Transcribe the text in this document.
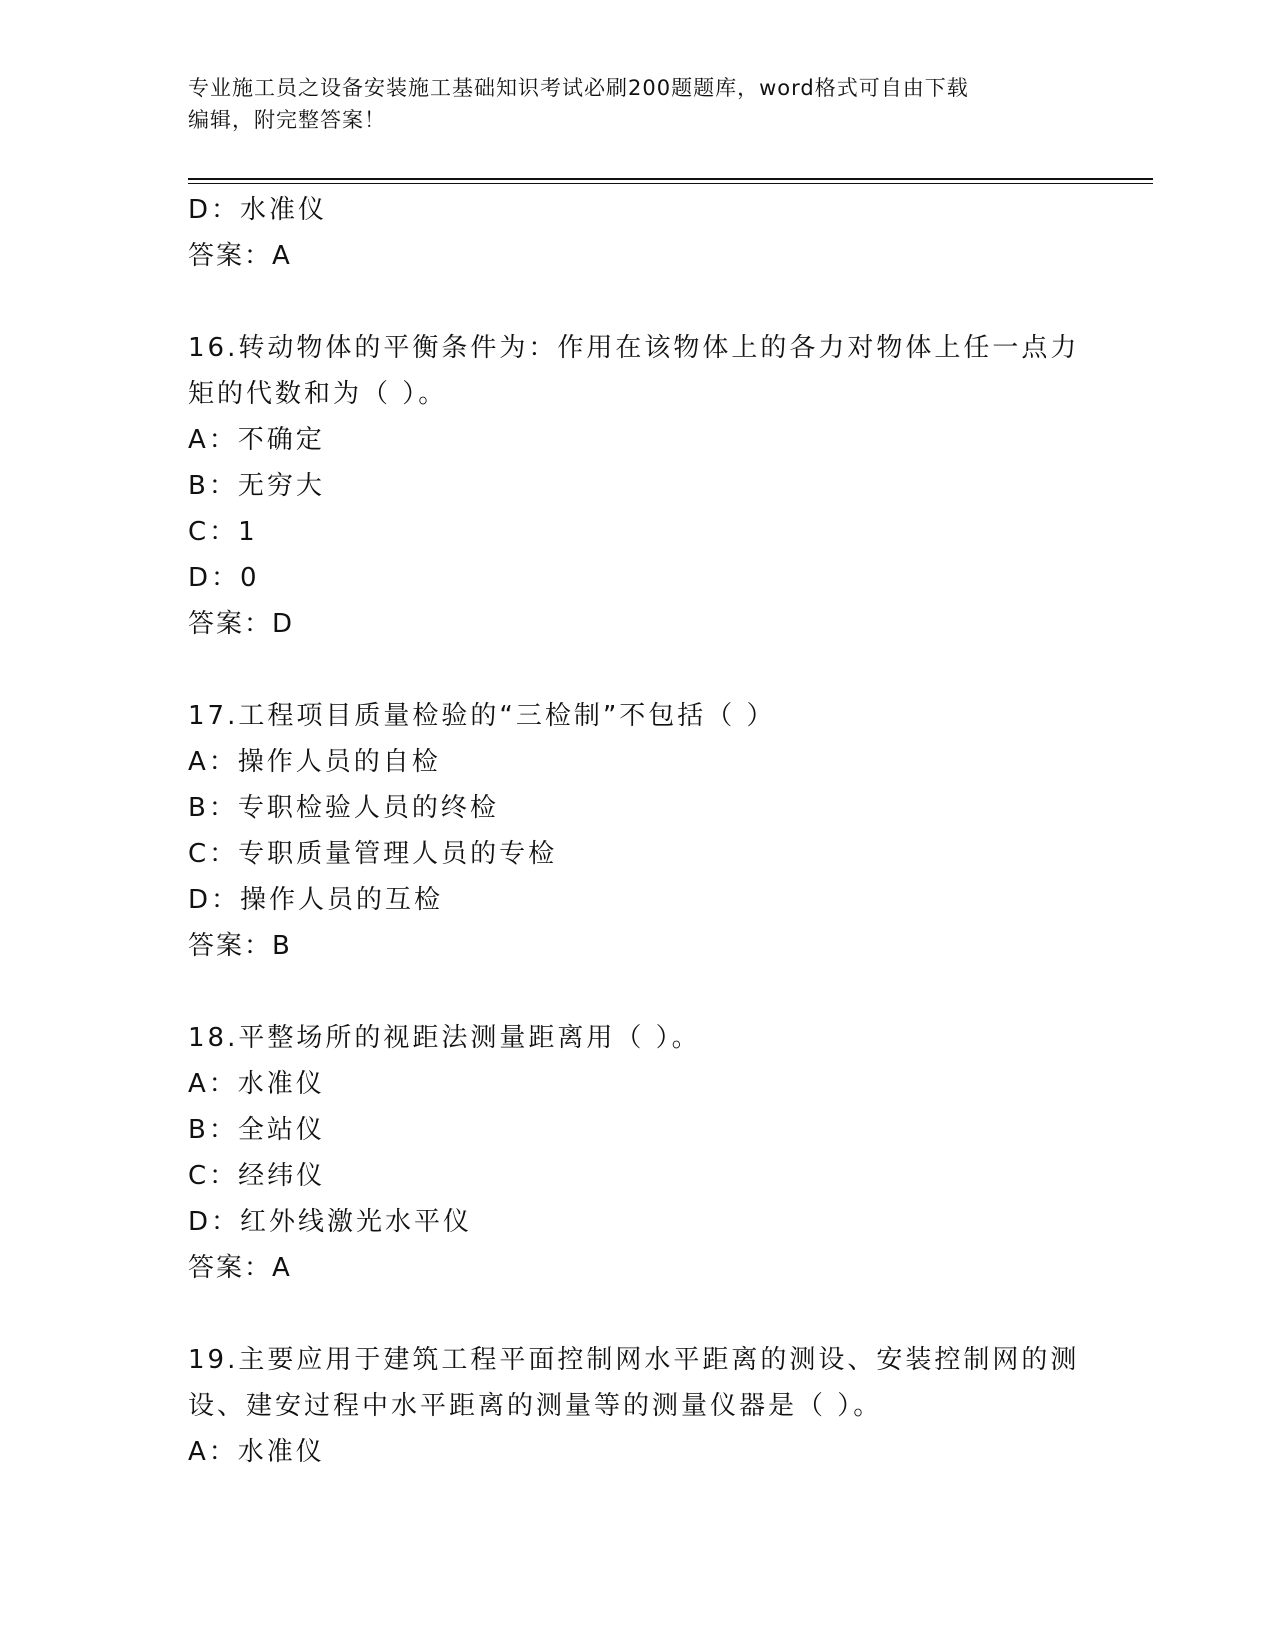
专业施工员之设备安装施工基础知识考试必刷200题题库，word格式可自由下载
编辑，附完整答案！
D：水准仪
答案：A
16.转动物体的平衡条件为：作用在该物体上的各力对物体上任一点力
矩的代数和为（ ）。
A：不确定
B：无穷大
C：1
D：0
答案：D
17.工程项目质量检验的“三检制”不包括（ ）
A：操作人员的自检
B：专职检验人员的终检
C：专职质量管理人员的专检
D：操作人员的互检
答案：B
18.平整场所的视距法测量距离用（ ）。
A：水准仪
B：全站仪
C：经纬仪
D：红外线激光水平仪
答案：A
19.主要应用于建筑工程平面控制网水平距离的测设、安装控制网的测
设、建安过程中水平距离的测量等的测量仪器是（ ）。
A：水准仪
